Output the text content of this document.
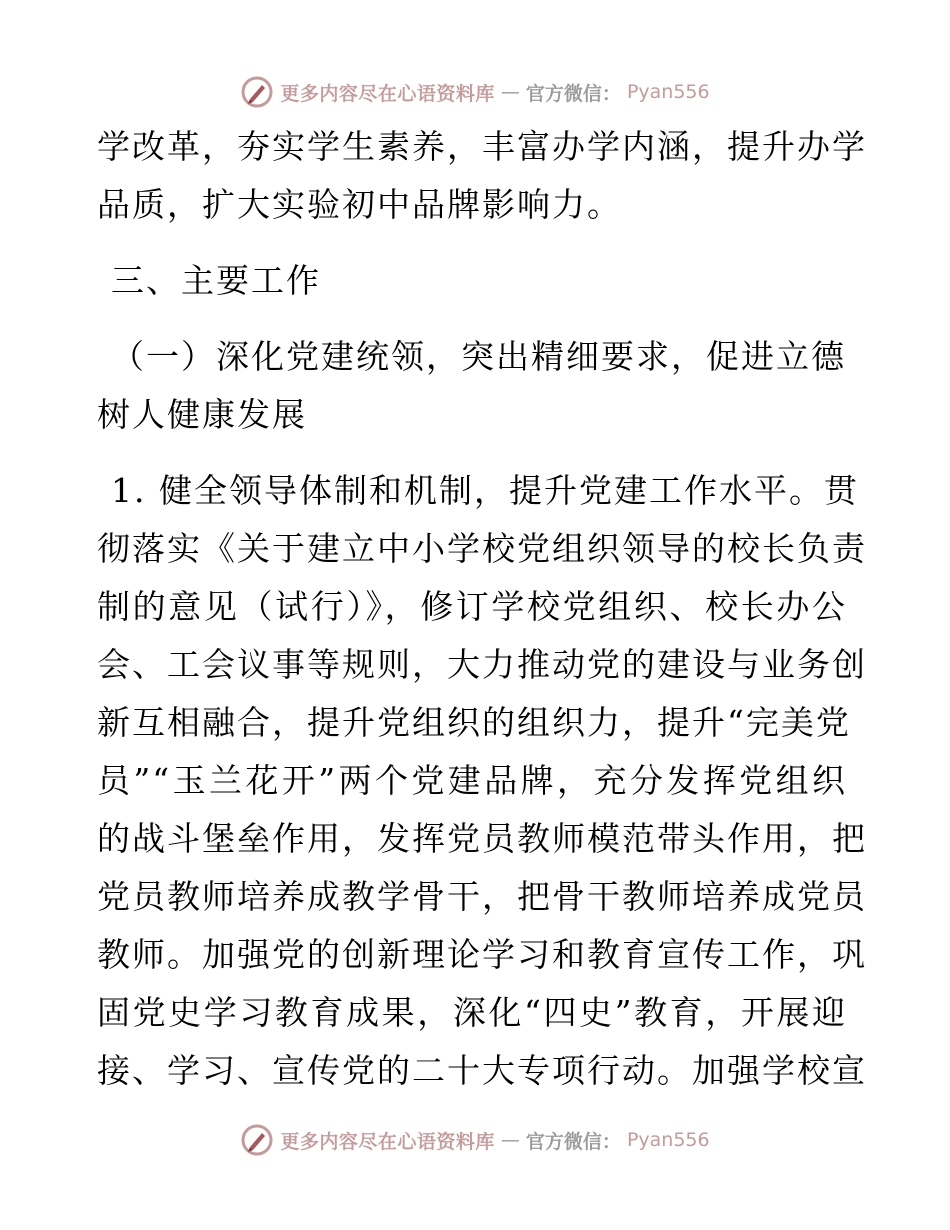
更多内容尽在心语资料库 — 官方微信： Pyan556
学改革，夯实学生素养，丰富办学内涵，提升办学
品质，扩大实验初中品牌影响力。
三、主要工作
（一）深化党建统领，突出精细要求，促进立德
树人健康发展
1. 健全领导体制和机制，提升党建工作水平。贯
彻落实《关于建立中小学校党组织领导的校长负责
制的意见（试行）》，修订学校党组织、校长办公
会、工会议事等规则，大力推动党的建设与业务创
新互相融合，提升党组织的组织力，提升“完美党
员”“玉兰花开”两个党建品牌，充分发挥党组织
的战斗堡垒作用，发挥党员教师模范带头作用，把
党员教师培养成教学骨干，把骨干教师培养成党员
教师。加强党的创新理论学习和教育宣传工作，巩
固党史学习教育成果，深化“四史”教育，开展迎
接、学习、宣传党的二十大专项行动。加强学校宣
更多内容尽在心语资料库 — 官方微信： Pyan556
